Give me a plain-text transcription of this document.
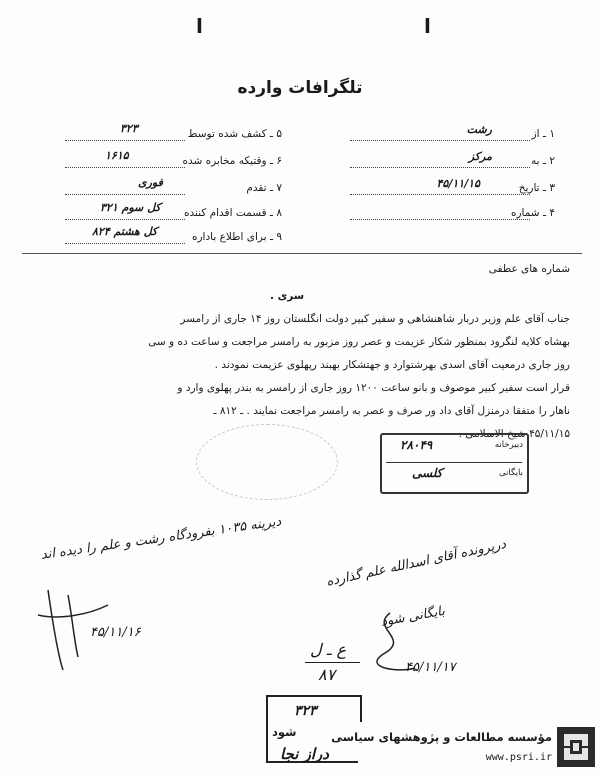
ا	ا
تلگرافات وارده
۱ ـ از
رشت
۲ ـ به
مرکز
۳ ـ تاریخ
۴۵/۱۱/۱۵
۴ ـ شماره
۵ ـ کشف شده توسط
۳۲۳
۶ ـ وقتیکه مخابره شده
۱۶۱۵
۷ ـ تقدم
فوری
۸ ـ قسمت اقدام کننده
کل سوم ۳۲۱
۹ ـ برای اطلاع باداره
کل هشتم ۸۲۴
شماره های عطفی
سری .
جناب آقای علم وزیر دربار شاهنشاهی و سفیر کبیر دولت انگلستان روز ۱۴ جاری از رامسر
بهشاه کلایه لنگرود بمنظور شکار عزیمت و عصر روز مزبور به رامسر مراجعت و ساعت ده و سی
روز جاری درمعیت آقای اسدی بهرشتوارد و جهتشکار بهبند رپهلوی عزیمت نمودند .
قرار است سفیر کبیر موصوف و بانو ساعت ۱۲۰۰ روز جاری از رامسر به بندر پهلوی وارد و
ناهار را متفقا درمنزل آقای داد ور صرف و عصر به رامسر مراجعت نمایند . ـ ۸۱۲ ـ
۴۵/۱۱/۱۵ شیخ الاسلامی .
دبیرخانه
۲۸۰۴۹
بایگانی
کلسی
دیرینه ۱۰۳۵ بفرودگاه رشت و علم را دیده اند
۴۵/۱۱/۱۶
درپرونده آقای اسدالله علم گذارده
بایگانی شود
۴۵/۱۱/۱۷
ع ـ ل
۸۷
۳۲۳
شود
دراز نجا
مؤسسه مطالعات و پژوهشهای سیاسی
www.psri.ir
